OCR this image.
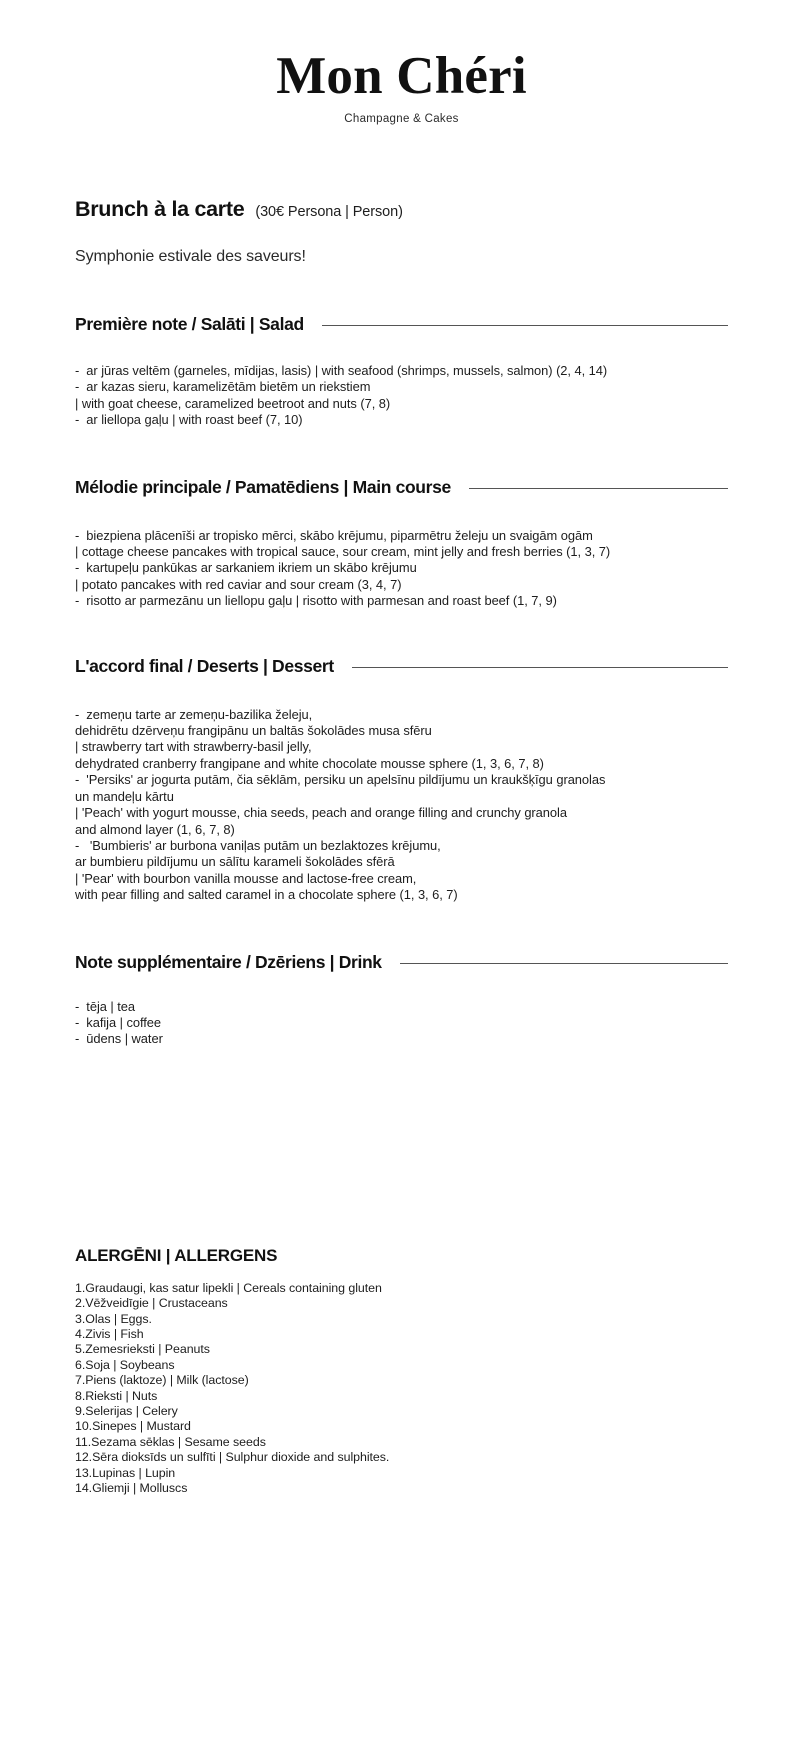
Mon Chéri
Champagne & Cakes
Brunch à la carte (30€ Persona | Person)
Symphonie estivale des saveurs!
Première note / Salāti | Salad
-  ar jūras veltēm (garneles, mīdijas, lasis) | with seafood (shrimps, mussels, salmon) (2, 4, 14)
-  ar kazas sieru, karamelizētām bietēm un riekstiem
| with goat cheese, caramelized beetroot and nuts (7, 8)
-  ar liellopa gaļu | with roast beef (7, 10)
Mélodie principale / Pamatēdiens | Main course
-  biezpiena plācenīši ar tropisko mērci, skābo krējumu, piparmētru želeju un svaigām ogām
| cottage cheese pancakes with tropical sauce, sour cream, mint jelly and fresh berries (1, 3, 7)
-  kartupeļu pankūkas ar sarkaniem ikriem un skābo krējumu
| potato pancakes with red caviar and sour cream (3, 4, 7)
-  risotto ar parmezānu un liellopu gaļu | risotto with parmesan and roast beef (1, 7, 9)
L'accord final / Deserts | Dessert
-  zemeņu tarte ar zemeņu-bazilika želeju,
dehidrētu dzērveņu frangipānu un baltās šokolādes musa sfēru
| strawberry tart with strawberry-basil jelly,
dehydrated cranberry frangipane and white chocolate mousse sphere (1, 3, 6, 7, 8)
-  'Persiks' ar jogurta putām, čia sēklām, persiku un apelsīnu pildījumu un kraukšķīgu granolas
un mandeļu kārtu
| 'Peach' with yogurt mousse, chia seeds, peach and orange filling and crunchy granola
and almond layer (1, 6, 7, 8)
-   'Bumbieris' ar burbona vaniļas putām un bezlaktozes krējumu,
ar bumbieru pildījumu un sālītu karameli šokolādes sfērā
| 'Pear' with bourbon vanilla mousse and lactose-free cream,
with pear filling and salted caramel in a chocolate sphere (1, 3, 6, 7)
Note supplémentaire / Dzēriens | Drink
-  tēja | tea
-  kafija | coffee
-  ūdens | water
ALERGĒNI | ALLERGENS
1.Graudaugi, kas satur lipekli | Cereals containing gluten
2.Vēžveidīgie | Crustaceans
3.Olas | Eggs.
4.Zivis | Fish
5.Zemesrieksti | Peanuts
6.Soja | Soybeans
7.Piens (laktoze) | Milk (lactose)
8.Rieksti | Nuts
9.Selerijas | Celery
10.Sinepes | Mustard
11.Sezama sēklas | Sesame seeds
12.Sēra dioksīds un sulfīti | Sulphur dioxide and sulphites.
13.Lupinas | Lupin
14.Gliemji | Molluscs
